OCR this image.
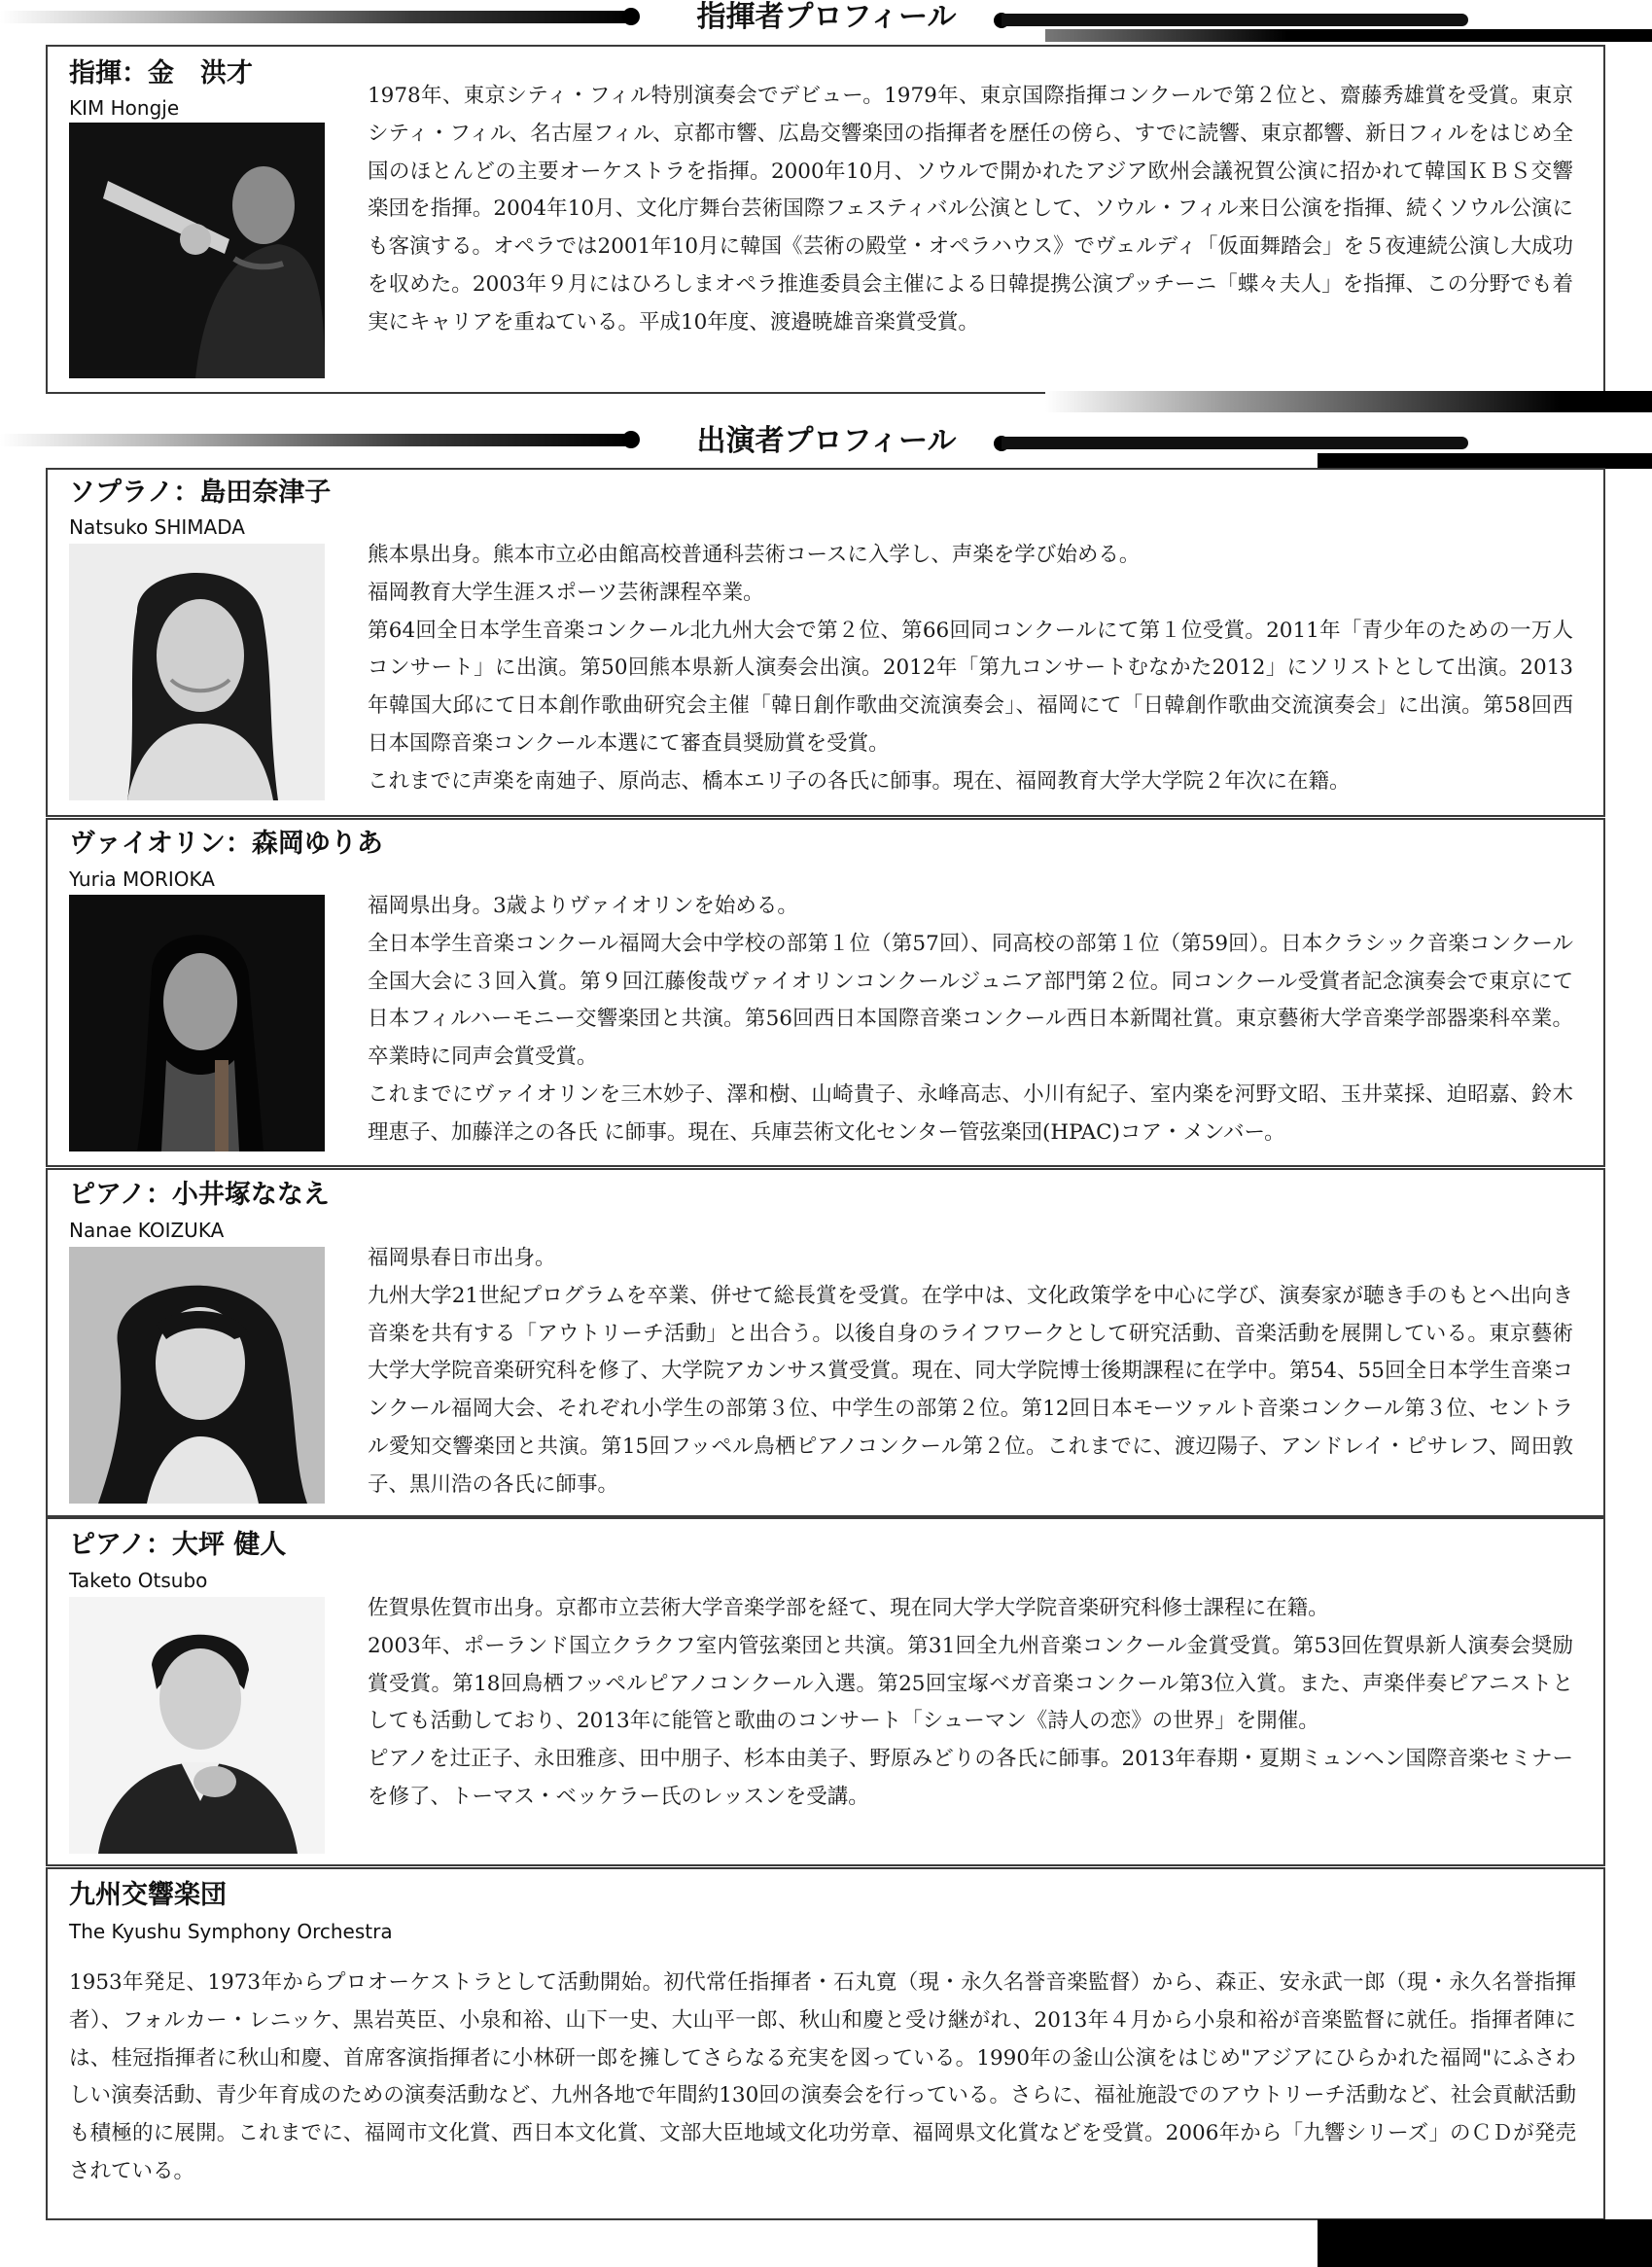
指揮者プロフィール
指揮：金　洪才
KIM Hongje	1978年、東京シティ・フィル特別演奏会でデビュー。1979年、東京国際指揮コンクールで第２位と、齋藤秀雄賞を受賞。東京シティ・フィル、名古屋フィル、京都市響、広島交響楽団の指揮者を歴任の傍ら、すでに読響、東京都響、新日フィルをはじめ全国のほとんどの主要オーケストラを指揮。2000年10月、ソウルで開かれたアジア欧州会議祝賀公演に招かれて韓国ＫＢＳ交響楽団を指揮。2004年10月、文化庁舞台芸術国際フェスティバル公演として、ソウル・フィル来日公演を指揮、続くソウル公演にも客演する。オペラでは2001年10月に韓国《芸術の殿堂・オペラハウス》でヴェルディ「仮面舞踏会」を５夜連続公演し大成功を収めた。2003年９月にはひろしまオペラ推進委員会主催による日韓提携公演プッチーニ「蝶々夫人」を指揮、この分野でも着実にキャリアを重ねている。平成10年度、渡邉暁雄音楽賞受賞。

出演者プロフィール
ソプラノ：島田奈津子
Natsuko SHIMADA

熊本県出身。熊本市立必由館高校普通科芸術コースに入学し、声楽を学び始める。

福岡教育大学生涯スポーツ芸術課程卒業。

第64回全日本学生音楽コンクール北九州大会で第２位、第66回同コンクールにて第１位受賞。2011年「青少年のための一万人コンサート」に出演。第50回熊本県新人演奏会出演。2012年「第九コンサートむなかた2012」にソリストとして出演。2013年韓国大邱にて日本創作歌曲研究会主催「韓日創作歌曲交流演奏会」、福岡にて「日韓創作歌曲交流演奏会」に出演。第58回西日本国際音楽コンクール本選にて審査員奨励賞を受賞。

これまでに声楽を南廸子、原尚志、橋本エリ子の各氏に師事。現在、福岡教育大学大学院２年次に在籍。

ヴァイオリン：森岡ゆりあ
Yuria MORIOKA

福岡県出身。3歳よりヴァイオリンを始める。

全日本学生音楽コンクール福岡大会中学校の部第１位（第57回）、同高校の部第１位（第59回）。日本クラシック音楽コンクール全国大会に３回入賞。第９回江藤俊哉ヴァイオリンコンクールジュニア部門第２位。同コンクール受賞者記念演奏会で東京にて日本フィルハーモニー交響楽団と共演。第56回西日本国際音楽コンクール西日本新聞社賞。東京藝術大学音楽学部器楽科卒業。卒業時に同声会賞受賞。

これまでにヴァイオリンを三木妙子、澤和樹、山崎貴子、永峰高志、小川有紀子、室内楽を河野文昭、玉井菜採、迫昭嘉、鈴木理恵子、加藤洋之の各氏 に師事。現在、兵庫芸術文化センター管弦楽団(HPAC)コア・メンバー。

ピアノ：小井塚ななえ
Nanae KOIZUKA

福岡県春日市出身。

九州大学21世紀プログラムを卒業、併せて総長賞を受賞。在学中は、文化政策学を中心に学び、演奏家が聴き手のもとへ出向き音楽を共有する「アウトリーチ活動」と出合う。以後自身のライフワークとして研究活動、音楽活動を展開している。東京藝術大学大学院音楽研究科を修了、大学院アカンサス賞受賞。現在、同大学院博士後期課程に在学中。第54、55回全日本学生音楽コンクール福岡大会、それぞれ小学生の部第３位、中学生の部第２位。第12回日本モーツァルト音楽コンクール第３位、セントラル愛知交響楽団と共演。第15回フッペル鳥栖ピアノコンクール第２位。これまでに、渡辺陽子、アンドレイ・ピサレフ、岡田敦子、黒川浩の各氏に師事。

ピアノ：大坪 健人
Taketo Otsubo

佐賀県佐賀市出身。京都市立芸術大学音楽学部を経て、現在同大学大学院音楽研究科修士課程に在籍。

2003年、ポーランド国立クラクフ室内管弦楽団と共演。第31回全九州音楽コンクール金賞受賞。第53回佐賀県新人演奏会奨励賞受賞。第18回鳥栖フッペルピアノコンクール入選。第25回宝塚ベガ音楽コンクール第3位入賞。また、声楽伴奏ピアニストとしても活動しており、2013年に能管と歌曲のコンサート「シューマン《詩人の恋》の世界」を開催。

ピアノを辻正子、永田雅彦、田中朋子、杉本由美子、野原みどりの各氏に師事。2013年春期・夏期ミュンヘン国際音楽セミナーを修了、トーマス・ベッケラー氏のレッスンを受講。

九州交響楽団
The Kyushu Symphony Orchestra

1953年発足、1973年からプロオーケストラとして活動開始。初代常任指揮者・石丸寛（現・永久名誉音楽監督）から、森正、安永武一郎（現・永久名誉指揮者）、フォルカー・レニッケ、黒岩英臣、小泉和裕、山下一史、大山平一郎、秋山和慶と受け継がれ、2013年４月から小泉和裕が音楽監督に就任。指揮者陣には、桂冠指揮者に秋山和慶、首席客演指揮者に小林研一郎を擁してさらなる充実を図っている。1990年の釜山公演をはじめ"アジアにひらかれた福岡"にふさわしい演奏活動、青少年育成のための演奏活動など、九州各地で年間約130回の演奏会を行っている。さらに、福祉施設でのアウトリーチ活動など、社会貢献活動も積極的に展開。これまでに、福岡市文化賞、西日本文化賞、文部大臣地域文化功労章、福岡県文化賞などを受賞。2006年から「九響シリーズ」のＣＤが発売されている。
